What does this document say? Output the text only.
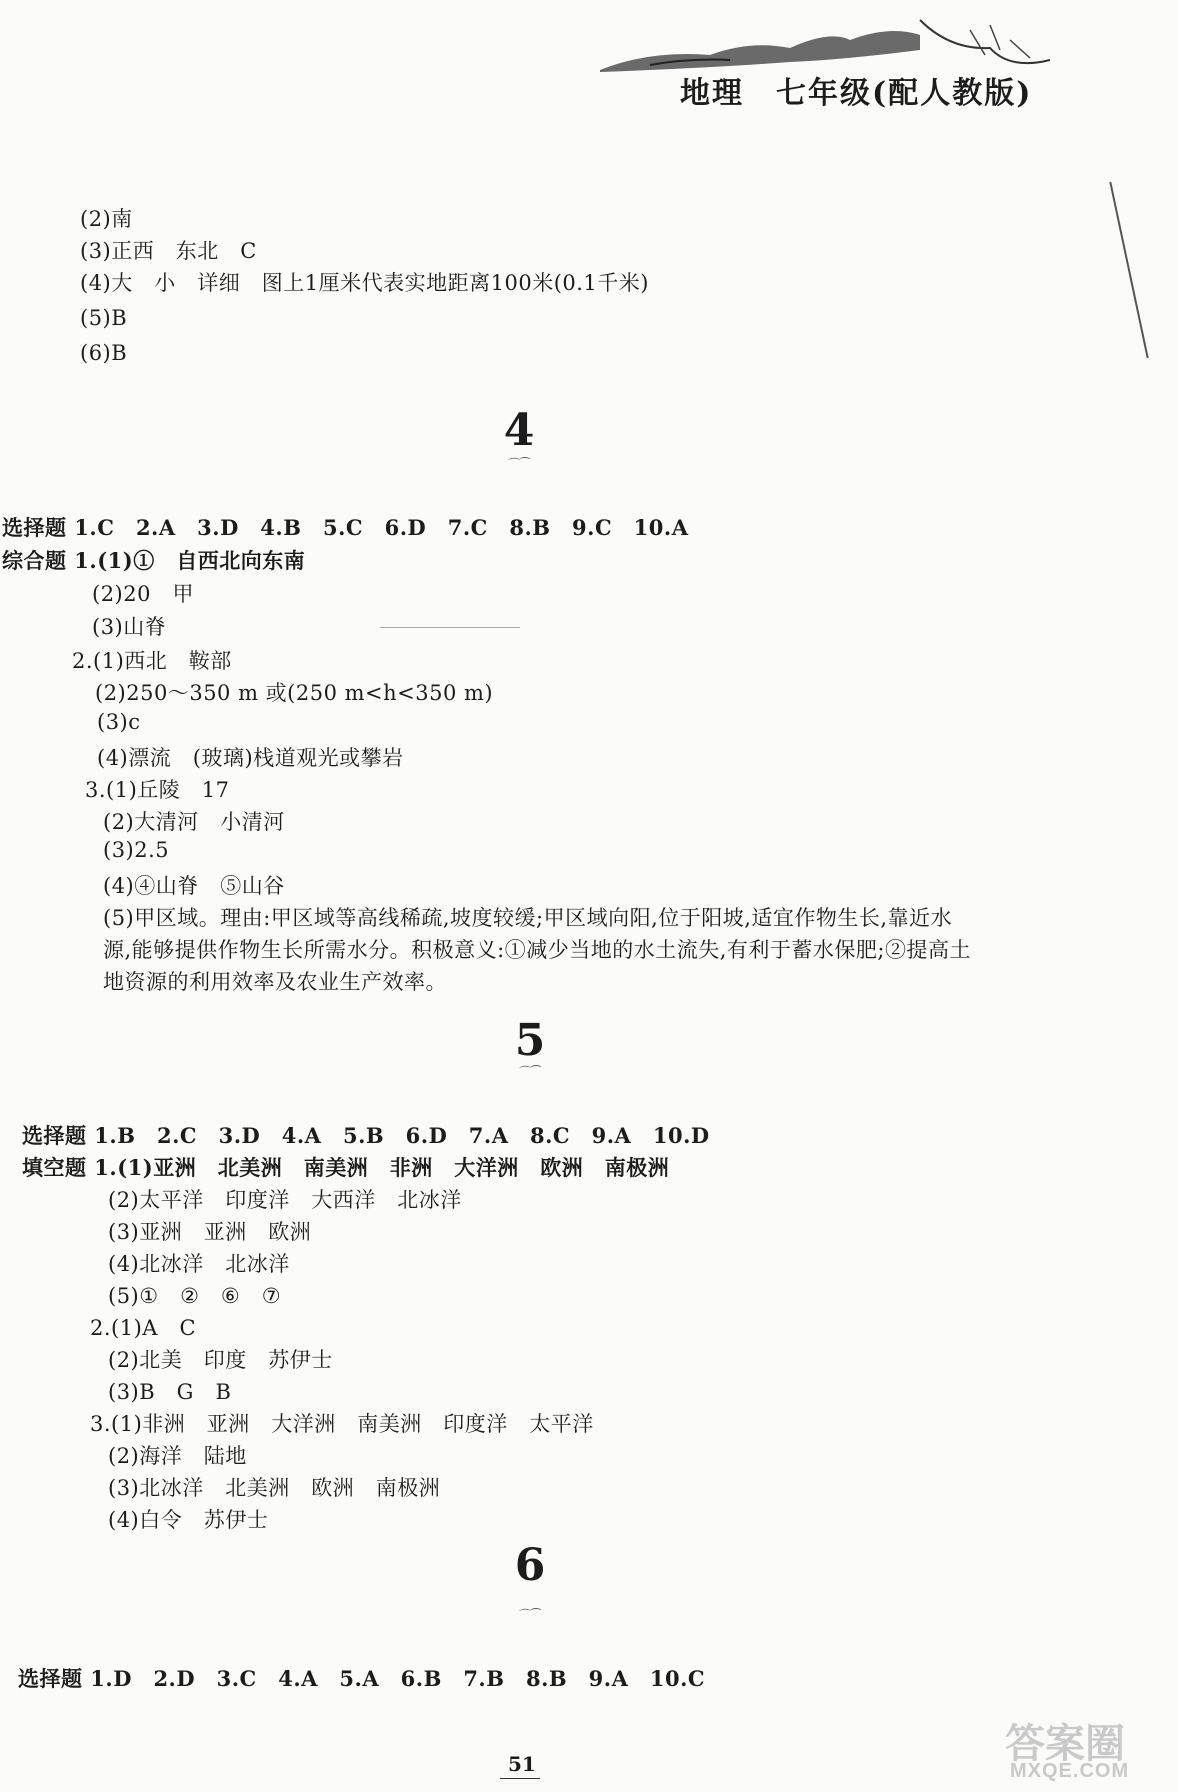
地理　七年级(配人教版)
(2)南
(3)正西　东北　C
(4)大　小　详细　图上1厘米代表实地距离100米(0.1千米)
(5)B
(6)B
4
⌒⁀
选择题 1.C　2.A　3.D　4.B　5.C　6.D　7.C　8.B　9.C　10.A
综合题 1.(1)①　自西北向东南
(2)20　甲
(3)山脊
2.(1)西北　鞍部
(2)250～350 m 或(250 m<h<350 m)
(3)c
(4)漂流　(玻璃)栈道观光或攀岩
3.(1)丘陵　17
(2)大清河　小清河
(3)2.5
(4)④山脊　⑤山谷
(5)甲区域。理由:甲区域等高线稀疏,坡度较缓;甲区域向阳,位于阳坡,适宜作物生长,靠近水
源,能够提供作物生长所需水分。积极意义:①减少当地的水土流失,有利于蓄水保肥;②提高土
地资源的利用效率及农业生产效率。
5
⌒⁀
选择题 1.B　2.C　3.D　4.A　5.B　6.D　7.A　8.C　9.A　10.D
填空题 1.(1)亚洲　北美洲　南美洲　非洲　大洋洲　欧洲　南极洲
(2)太平洋　印度洋　大西洋　北冰洋
(3)亚洲　亚洲　欧洲
(4)北冰洋　北冰洋
(5)①　②　⑥　⑦
2.(1)A　C
(2)北美　印度　苏伊士
(3)B　G　B
3.(1)非洲　亚洲　大洋洲　南美洲　印度洋　太平洋
(2)海洋　陆地
(3)北冰洋　北美洲　欧洲　南极洲
(4)白令　苏伊士
6
⌒⁀
选择题 1.D　2.D　3.C　4.A　5.A　6.B　7.B　8.B　9.A　10.C
51	答案圈
MXQE.COM
